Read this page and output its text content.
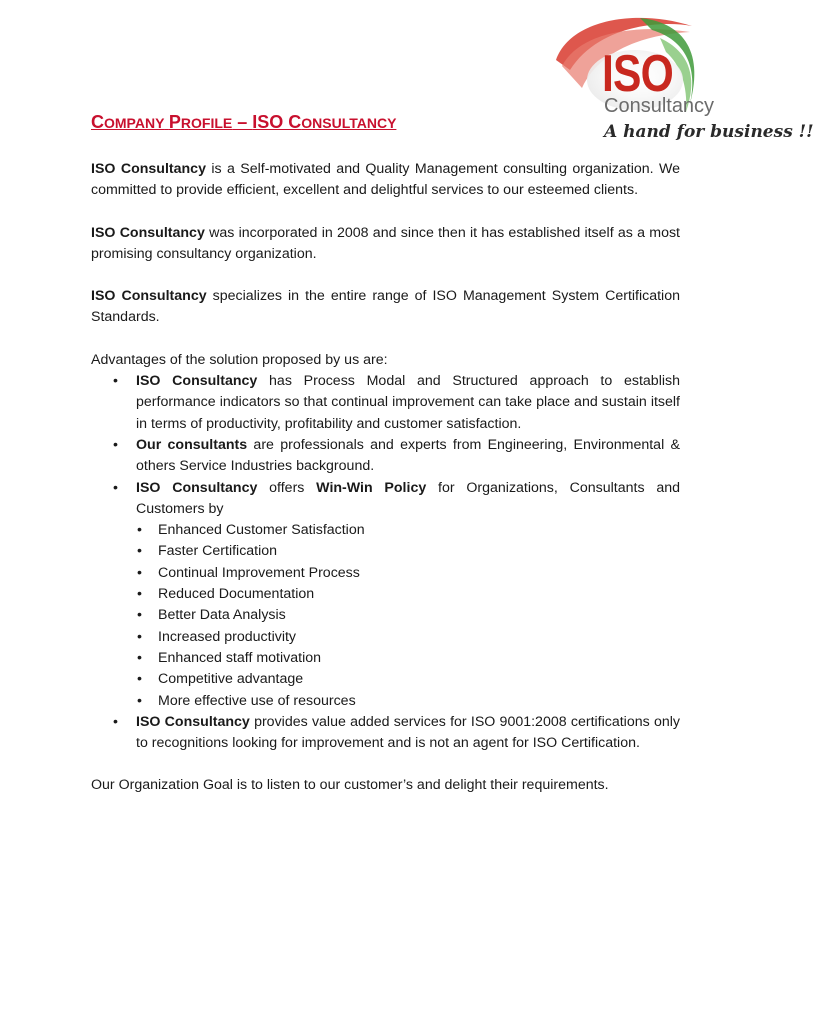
ISO
Consultancy
A hand for business !!
COMPANY PROFILE – ISO CONSULTANCY

ISO Consultancy is a Self-motivated and Quality Management consulting organization. We committed to provide efficient, excellent and delightful services to our esteemed clients.

ISO Consultancy was incorporated in 2008 and since then it has established itself as a most promising consultancy organization.

ISO Consultancy specializes in the entire range of ISO Management System Certification Standards.

Advantages of the solution proposed by us are:
• ISO Consultancy has Process Modal and Structured approach to establish performance indicators so that continual improvement can take place and sustain itself in terms of productivity, profitability and customer satisfaction.
• Our consultants are professionals and experts from Engineering, Environmental & others Service Industries background.
• ISO Consultancy offers Win-Win Policy for Organizations, Consultants and Customers by
• Enhanced Customer Satisfaction
• Faster Certification
• Continual Improvement Process
• Reduced Documentation
• Better Data Analysis
• Increased productivity
• Enhanced staff motivation
• Competitive advantage
• More effective use of resources
• ISO Consultancy provides value added services for ISO 9001:2008 certifications only to recognitions looking for improvement and is not an agent for ISO Certification.

Our Organization Goal is to listen to our customer’s and delight their requirements.
